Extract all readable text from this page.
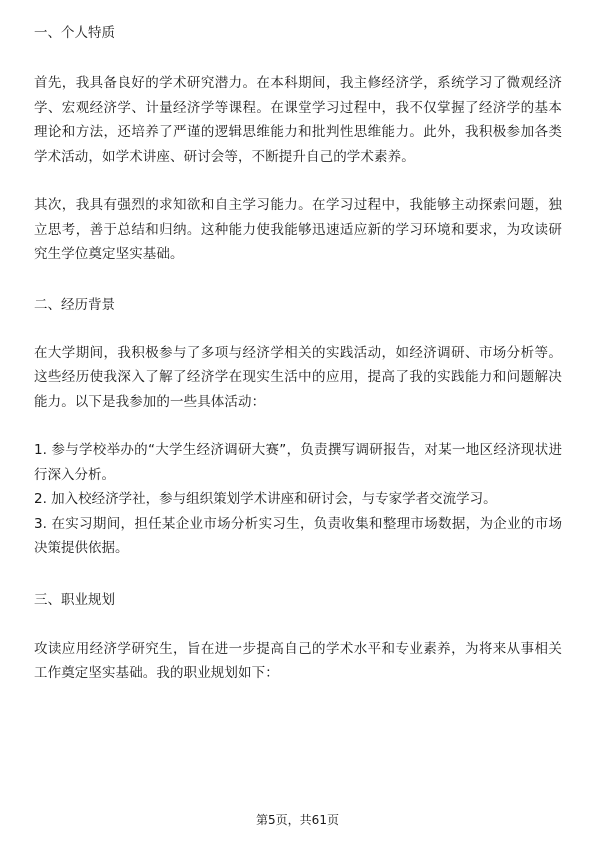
一、个人特质

首先，我具备良好的学术研究潜力。在本科期间，我主修经济学，系统学习了微观经济学、宏观经济学、计量经济学等课程。在课堂学习过程中，我不仅掌握了经济学的基本理论和方法，还培养了严谨的逻辑思维能力和批判性思维能力。此外，我积极参加各类学术活动，如学术讲座、研讨会等，不断提升自己的学术素养。

其次，我具有强烈的求知欲和自主学习能力。在学习过程中，我能够主动探索问题，独立思考，善于总结和归纳。这种能力使我能够迅速适应新的学习环境和要求，为攻读研究生学位奠定坚实基础。

二、经历背景

在大学期间，我积极参与了多项与经济学相关的实践活动，如经济调研、市场分析等。这些经历使我深入了解了经济学在现实生活中的应用，提高了我的实践能力和问题解决能力。以下是我参加的一些具体活动：

1. 参与学校举办的“大学生经济调研大赛”，负责撰写调研报告，对某一地区经济现状进行深入分析。

2. 加入校经济学社，参与组织策划学术讲座和研讨会，与专家学者交流学习。

3. 在实习期间，担任某企业市场分析实习生，负责收集和整理市场数据，为企业的市场决策提供依据。

三、职业规划

攻读应用经济学研究生，旨在进一步提高自己的学术水平和专业素养，为将来从事相关工作奠定坚实基础。我的职业规划如下：

第5页，共61页
